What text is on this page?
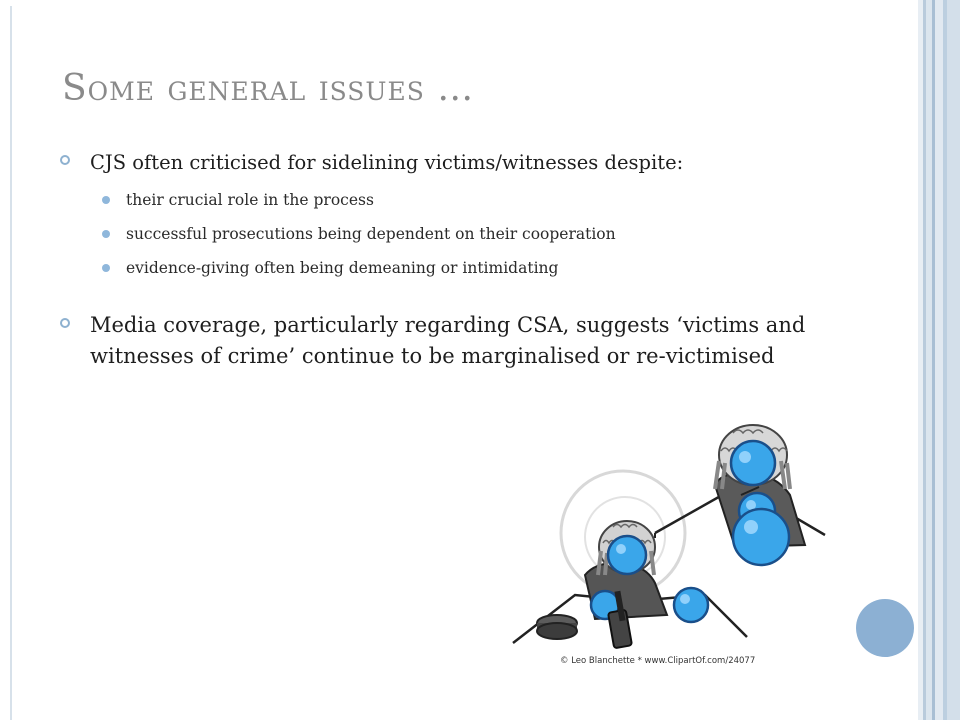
Some general issues …
CJS often criticised for sidelining victims/witnesses despite:
their crucial role in the process
successful prosecutions being dependent on their cooperation
evidence-giving often being demeaning or intimidating
Media coverage, particularly regarding CSA, suggests ‘victims and witnesses of crime’ continue to be marginalised or re-victimised
© Leo Blanchette * www.ClipartOf.com/24077
